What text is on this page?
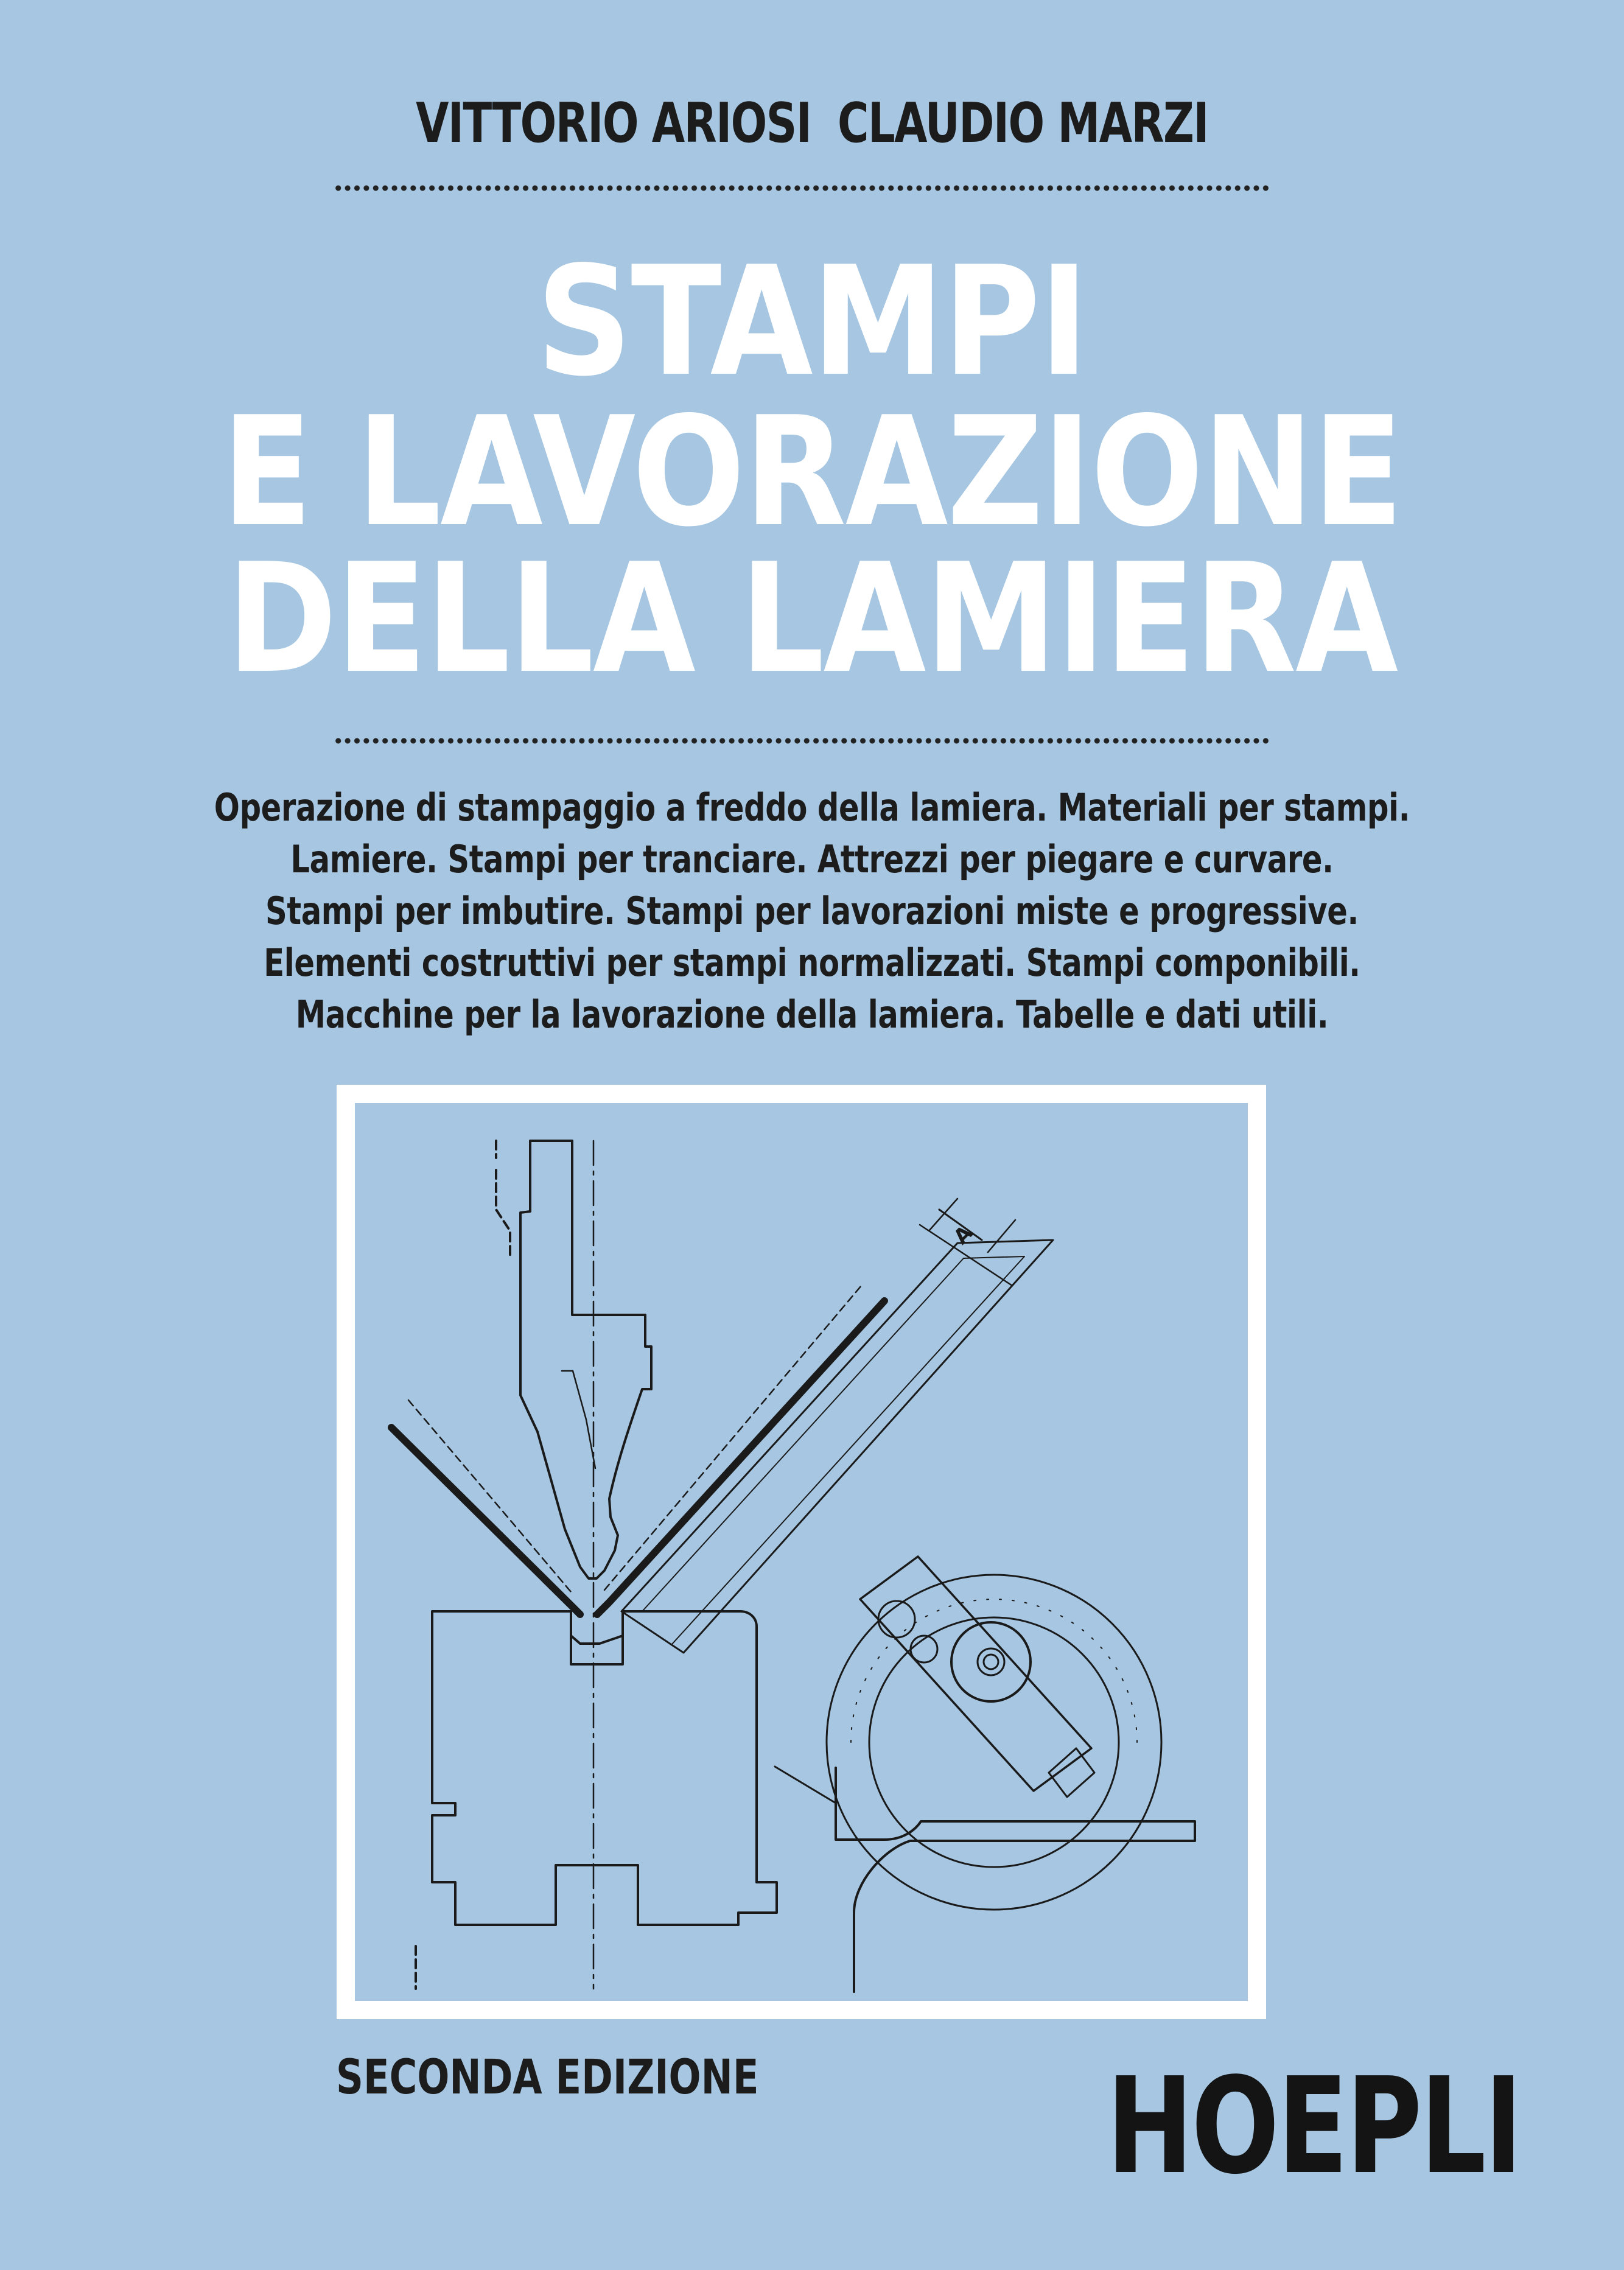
VITTORIO ARIOSI CLAUDIO MARZI
STAMPI
E LAVORAZIONE
DELLA LAMIERA
Operazione di stampaggio a freddo della lamiera. Materiali per stampi.
Lamiere. Stampi per tranciare. Attrezzi per piegare e curvare.
Stampi per imbutire. Stampi per lavorazioni miste e progressive.
Elementi costruttivi per stampi normalizzati. Stampi componibili.
Macchine per la lavorazione della lamiera. Tabelle e dati utili.
A
SECONDA EDIZIONE	HOEPLI
